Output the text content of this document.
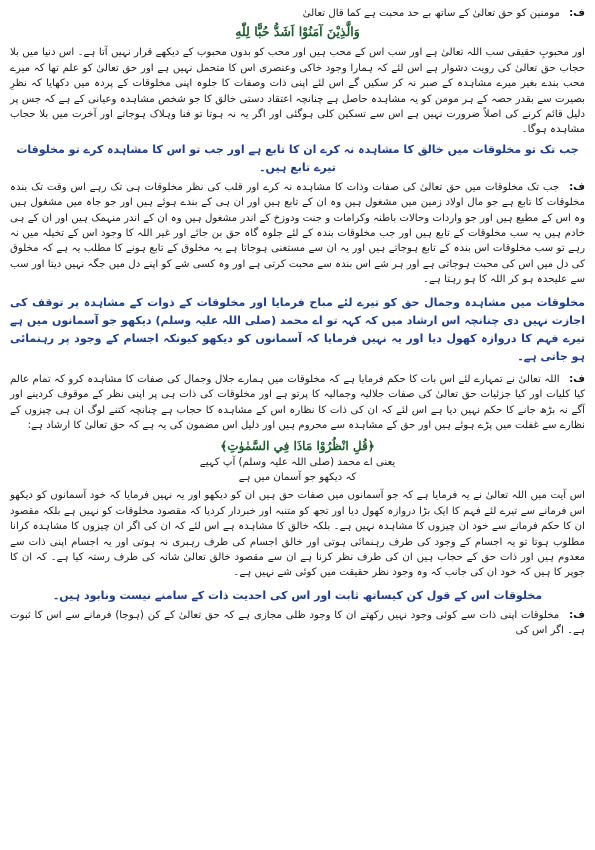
ف: مومنین کو حق تعالیٰ کے ساتھ بے حد محبت ہے کما قال تعالیٰ

وَالَّذِيْنَ آمَنُوْا اَشَدُّ حُبًّا لِلّٰهِ

اور محبوبِ حقیقی سب اللہ تعالیٰ ہے اور سب اس کے محب ہیں اور محب کو بدوں محبوب کے دیکھے قرار نہیں آتا ہے۔ اس دنیا میں بلا حجاب حق تعالیٰ کی رویت دشوار ہے اس لئے کہ ہمارا وجود خاکی وعنصری اس کا متحمل نہیں ہے اور حق تعالیٰ کو علم تھا کہ میرے محب بندے بغیر میرے مشاہدہ کے صبر نہ کر سکیں گے اس لئے اپنی ذات وصفات کا جلوہ اپنی مخلوقات کے پردہ میں دکھایا کہ نظرِ بصیرت سے بقدر حصہ کے ہر مومن کو یہ مشاہدہ حاصل ہے چنانچہ اعتقاد دستی خالق کا جو شخص مشاہدہ وعیانی کے ہے کہ جس پر دلیل قائم کرنے کی اصلاً ضرورت نہیں ہے اس سے تسکین کلی ہوگئی اور اگر یہ نہ ہوتا تو فنا وہلاک ہوجاتے اور آخرت میں بلا حجاب مشاہدہ ہوگا۔

جب تک تو مخلوقات میں خالق کا مشاہدہ نہ کرے ان کا تابع ہے اور جب تو اس کا مشاہدہ کرے تو مخلوقات تیرے تابع ہیں۔

ف: جب تک مخلوقات میں حق تعالیٰ کی صفات وذات کا مشاہدہ نہ کرے اور قلب کی نظر مخلوقات ہی تک رہے اس وقت تک بندہ مخلوقات کا تابع ہے جو مال اولاد زمین میں مشغول ہیں وہ ان کے تابع ہیں اور ان ہی کے بندے ہوئے ہیں اور جو جاہ میں مشغول ہیں وہ اس کے مطیع ہیں اور جو واردات وحالات باطنہ وکرامات و جنت ودوزخ کے اندر مشغول ہیں وہ ان کے اندر منہمک ہیں اور ان کے ہی خادم ہیں یہ سب مخلوقات کے تابع ہیں اور جب مخلوقات بندہ کے لئے جلوہ گاہ حق بن جائے اور غیر اللہ کا وجود اس کے تخیلہ میں نہ رہے تو سب مخلوقات اس بندہ کے تابع ہوجاتے ہیں اور یہ ان سے مستغنی ہوجاتا ہے یہ مخلوق کے تابع ہونے کا مطلب یہ ہے کہ مخلوق کی دل میں اس کی محبت ہوجاتی ہے اور ہر شے اس بندہ سے محبت کرتی ہے اور وہ کسی شے کو اپنے دل میں جگہ نہیں دیتا اور سب سے علیحدہ ہو کر اللہ کا ہو رہتا ہے۔

مخلوقات میں مشاہدہ وجمال حق کو تیرے لئے مباح فرمایا اور مخلوقات کے ذوات کے مشاہدہ پر توقف کی اجازت نہیں دی چنانچہ اس ارشاد میں کہ کہہ تو اے محمد (صلی اللہ علیہ وسلم) دیکھو جو آسمانوں میں ہے تیرے فہم کا دروازہ کھول دیا اور یہ نہیں فرمایا کہ آسمانوں کو دیکھو کیونکہ اجسام کے وجود پر رہنمائی ہو جاتی ہے۔

ف: اللہ تعالیٰ نے تمہارے لئے اس بات کا حکم فرمایا ہے کہ مخلوقات میں ہمارے جلال وجمال کی صفات کا مشاہدہ کرو کہ تمام عالم کیا کلیات اور کیا جزئیات حق تعالیٰ کی صفات جلالیہ وجمالیہ کا پرتو ہے اور مخلوقات کی ذات ہی پر اپنی نظر کے موقوف کردینے اور آگے نہ بڑھ جانے کا حکم نہیں دیا ہے اس لئے کہ ان کی ذات کا نظارہ اس کے مشاہدہ کا حجاب ہے چنانچہ کتنے لوگ ان ہی چیزوں کے نظارے سے غفلت میں پڑے ہوئے ہیں اور حق کے مشاہدہ سے محروم ہیں اور دلیل اس مضمون کی یہ ہے کہ حق تعالیٰ کا ارشاد ہے:

﴿قُلِ انْظُرُوْا مَاذَا فِي السَّمٰوٰتِ﴾

یعنی اے محمد (صلی اللہ علیہ وسلم) آپ کہیے

کہ دیکھو جو آسمان میں ہے

اس آیت میں اللہ تعالیٰ نے یہ فرمایا ہے کہ جو آسمانوں میں صفات حق ہیں ان کو دیکھو اور یہ نہیں فرمایا کہ خود آسمانوں کو دیکھو اس فرمانے سے تیرے لئے فہم کا ایک بڑا دروازہ کھول دیا اور تجھ کو متنبہ اور خبردار کردیا کہ مقصود مخلوقات کو نہیں ہے بلکہ مقصود ان کا حکم فرمانے سے خود ان چیزوں کا مشاہدہ نہیں ہے۔ بلکہ خالق کا مشاہدہ ہے اس لئے کہ ان کی اگر ان چیزوں کا مشاہدہ کرانا مطلوب ہوتا تو یہ اجسام کے وجود کی طرف رہنمائی ہوتی اور خالق اجسام کی طرف رہبری نہ ہوتی اور یہ اجسام اپنی ذات سے معدوم ہیں اور ذات حق کے حجاب ہیں ان کی طرف نظر کرنا ہے ان سے مقصود خالق تعالیٰ شانہ کی طرف رستہ کیا ہے۔ کہ ان کا جوپر کا ہیں کہ خود ان کی جانب کہ وہ وجود نظر حقیقت میں کوئی شے نہیں ہے۔

مخلوقات اس کے قول کن کیساتھ ثابت اور اس کی احدیت ذات کے سامنے نیست ونابود ہیں۔

ف: مخلوقات اپنی ذات سے کوئی وجود نہیں رکھتے ان کا وجود ظلی مجازی ہے کہ حق تعالیٰ کے کن (ہوجا) فرمانے سے اس کا ثبوت ہے۔ اگر اس کی
